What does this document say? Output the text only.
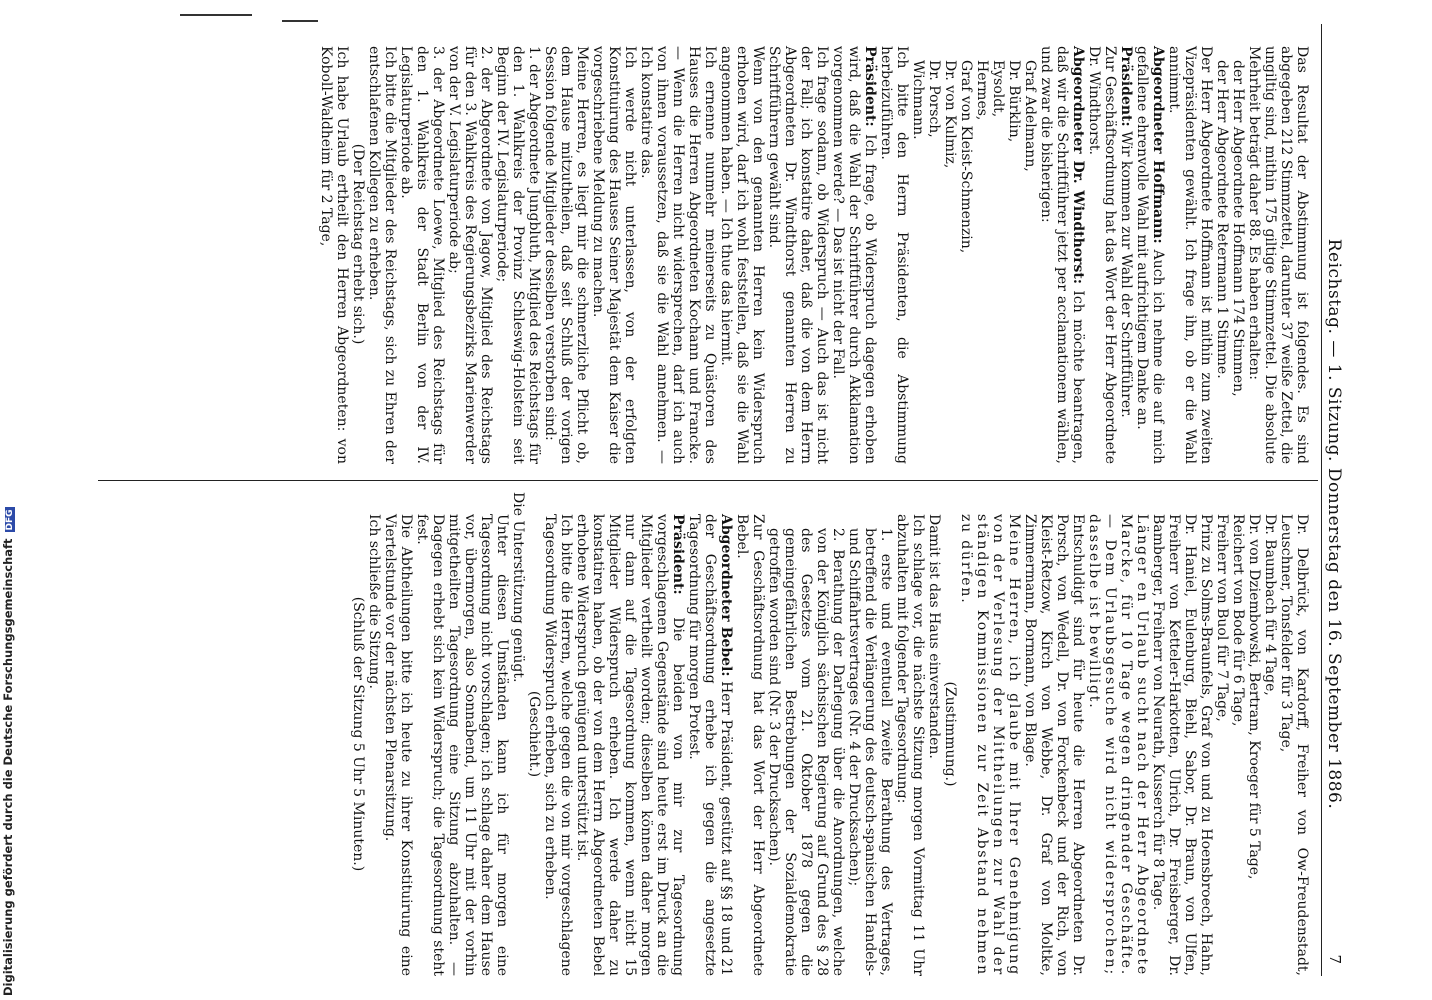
Digitalisierung gefördert durch die Deutsche ForschungsgemeinschaftDFG	Reichstag. — 1. Sitzung. Donnerstag den 16. September 1886.
7

Das Resultat der Abstimmung ist folgendes. Es sind abgegeben 212 Stimmzettel, darunter 37 weiße Zettel, die ungiltig sind, mithin 175 giltige Stimmzettel. Die absolute Mehrheit beträgt daher 88. Es haben erhalten:

der Herr Abgeordnete Hoffmann 174 Stimmen,

der Herr Abgeordnete Retermann 1 Stimme.

Der Herr Abgeordnete Hoffmann ist mithin zum zweiten Vizepräsidenten gewählt. Ich frage ihn, ob er die Wahl annimmt.

Abgeordneter Hoffmann: Auch ich nehme die auf mich gefallene ehrenvolle Wahl mit aufrichtigem Danke an.

Präsident: Wir kommen zur Wahl der Schriftführer.

Zur Geschäftsordnung hat das Wort der Herr Abgeordnete Dr. Windthorst.

Abgeordneter Dr. Windthorst: Ich möchte beantragen, daß wir die Schriftführer jetzt per acclamationem wählen, und zwar die bisherigen:

Graf Adelmann,

Dr. Bürklin,

Eysoldt,

Hermes,

Graf von Kleist-Schmenzin,

Dr. von Kulmiz,

Dr. Porsch,

Wichmann.

Ich bitte den Herrn Präsidenten, die Abstimmung herbeizuführen.

Präsident: Ich frage, ob Widerspruch dagegen erhoben wird, daß die Wahl der Schriftführer durch Akklamation vorgenommen werde? — Das ist nicht der Fall.

Ich frage sodann, ob Widerspruch — Auch das ist nicht der Fall; ich konstatire daher, daß die von dem Herrn Abgeordneten Dr. Windthorst genannten Herren zu Schriftführern gewählt sind.

Wenn von den genannten Herren kein Widerspruch erhoben wird, darf ich wohl feststellen, daß sie die Wahl angenommen haben. — Ich thue das hiermit.

Ich ernenne nunmehr meinerseits zu Quästoren des Hauses die Herren Abgeordneten Kochann und Francke. — Wenn die Herren nicht widersprechen, darf ich auch von ihnen voraussetzen, daß sie die Wahl annehmen. — Ich konstatire das.

Ich werde nicht unterlassen, von der erfolgten Konstituirung des Hauses Seiner Majestät dem Kaiser die vorgeschriebene Meldung zu machen.

Meine Herren, es liegt mir die schmerzliche Pflicht ob, dem Hause mitzutheilen, daß seit Schluß der vorigen Session folgende Mitglieder desselben verstorben sind:

1. der Abgeordnete Jungbluth, Mitglied des Reichstags für den 1. Wahlkreis der Provinz Schleswig-Holstein seit Beginn der IV. Legislaturperiode;

2. der Abgeordnete von Jagow, Mitglied des Reichstags für den 3. Wahlkreis des Regierungsbezirks Marienwerder von der V. Legislaturperiode ab;

3. der Abgeordnete Loewe, Mitglied des Reichstags für den 1. Wahlkreis der Stadt Berlin von der IV. Legislaturperiode ab.

Ich bitte die Mitglieder des Reichstags, sich zu Ehren der entschlafenen Kollegen zu erheben.

(Der Reichstag erhebt sich.)

Ich habe Urlaub ertheilt den Herren Abgeordneten: von Koboll-Waldheim für 2 Tage,

Dr. Delbrück, von Kardorff, Freiher von Ow-Freudenstadt, Leuschner, Tonsfelder für 3 Tage,

Dr. Baumbach für 4 Tage,

Dr. von Dziembowski, Bertram, Kroeger für 5 Tage,

Reichert von Bode für 6 Tage,

Freiherr von Buol für 7 Tage,

Prinz zu Solms-Braunfels, Graf von und zu Hoensbroech, Hahn, Dr. Haniel, Eulenburg, Biehl, Sabor, Dr. Braun, von Ulfen, Freiherr von Ketteler-Harkotten, Ulrich, Dr. Freisberger, Dr. Bamberger, Freiherr von Neurath, Kusserch für 8 Tage.

Länger en Urlaub sucht nach der Herr Abgeordnete Marcke, für 10 Tage wegen dringender Geschäfte. — Dem Urlaubsgesuche wird nicht widersprochen; dasselbe ist bewilligt.

Entschuldigt sind für heute die Herren Abgeordneten Dr. Porsch, von Wedell, Dr. von Forckenbeck und der Rich, von Kleist-Retzow, Kirch von Webbe, Dr. Graf von Moltke, Zimmermann, Bormann, von Blage.

Meine Herren, ich glaube mit Ihrer Genehmigung von der Verlesung der Mittheilungen zur Wahl der ständigen Kommissionen zur Zeit Abstand nehmen zu dürfen.

(Zustimmung.)

Damit ist das Haus einverstanden.

Ich schlage vor, die nächste Sitzung morgen Vormittag 11 Uhr abzuhalten mit folgender Tagesordnung:

1. erste und eventuell zweite Berathung des Vertrages, betreffend die Verlängerung des deutsch-spanischen Handels- und Schiffahrtsvertrages (Nr. 4 der Drucksachen);

2. Berathung der Darlegung über die Anordnungen, welche von der Königlich sächsischen Regierung auf Grund des § 28 des Gesetzes vom 21. Oktober 1878 gegen die gemeingefährlichen Bestrebungen der Sozialdemokratie getroffen worden sind (Nr. 3 der Drucksachen).

Zur Geschäftsordnung hat das Wort der Herr Abgeordnete Bebel.

Abgeordneter Bebel: Herr Präsident, gestützt auf §§ 18 und 21 der Geschäftsordnung erhebe ich gegen die angesetzte Tagesordnung für morgen Protest.

Präsident: Die beiden von mir zur Tagesordnung vorgeschlagenen Gegenstände sind heute erst im Druck an die Mitglieder vertheilt worden; dieselben können daher morgen nur dann auf die Tagesordnung kommen, wenn nicht 15 Mitglieder Widerspruch erheben. Ich werde daher zu konstatiren haben, ob der von dem Herrn Abgeordneten Bebel erhobene Widerspruch genügend unterstützt ist.

Ich bitte die Herren, welche gegen die von mir vorgeschlagene Tagesordnung Widerspruch erheben, sich zu erheben.

(Geschieht.)

Die Unterstützung genügt.

Unter diesen Umständen kann ich für morgen eine Tagesordnung nicht vorschlagen; ich schlage daher dem Hause vor, übermorgen, also Sonnabend, um 11 Uhr mit der vorhin mitgetheilten Tagesordnung eine Sitzung abzuhalten. — Dagegen erhebt sich kein Widerspruch; die Tagesordnung steht fest.

Die Abtheilungen bitte ich heute zu ihrer Konstituirung eine Viertelstunde vor der nächsten Plenarsitzung.

Ich schließe die Sitzung.

(Schluß der Sitzung 5 Uhr 5 Minuten.)
